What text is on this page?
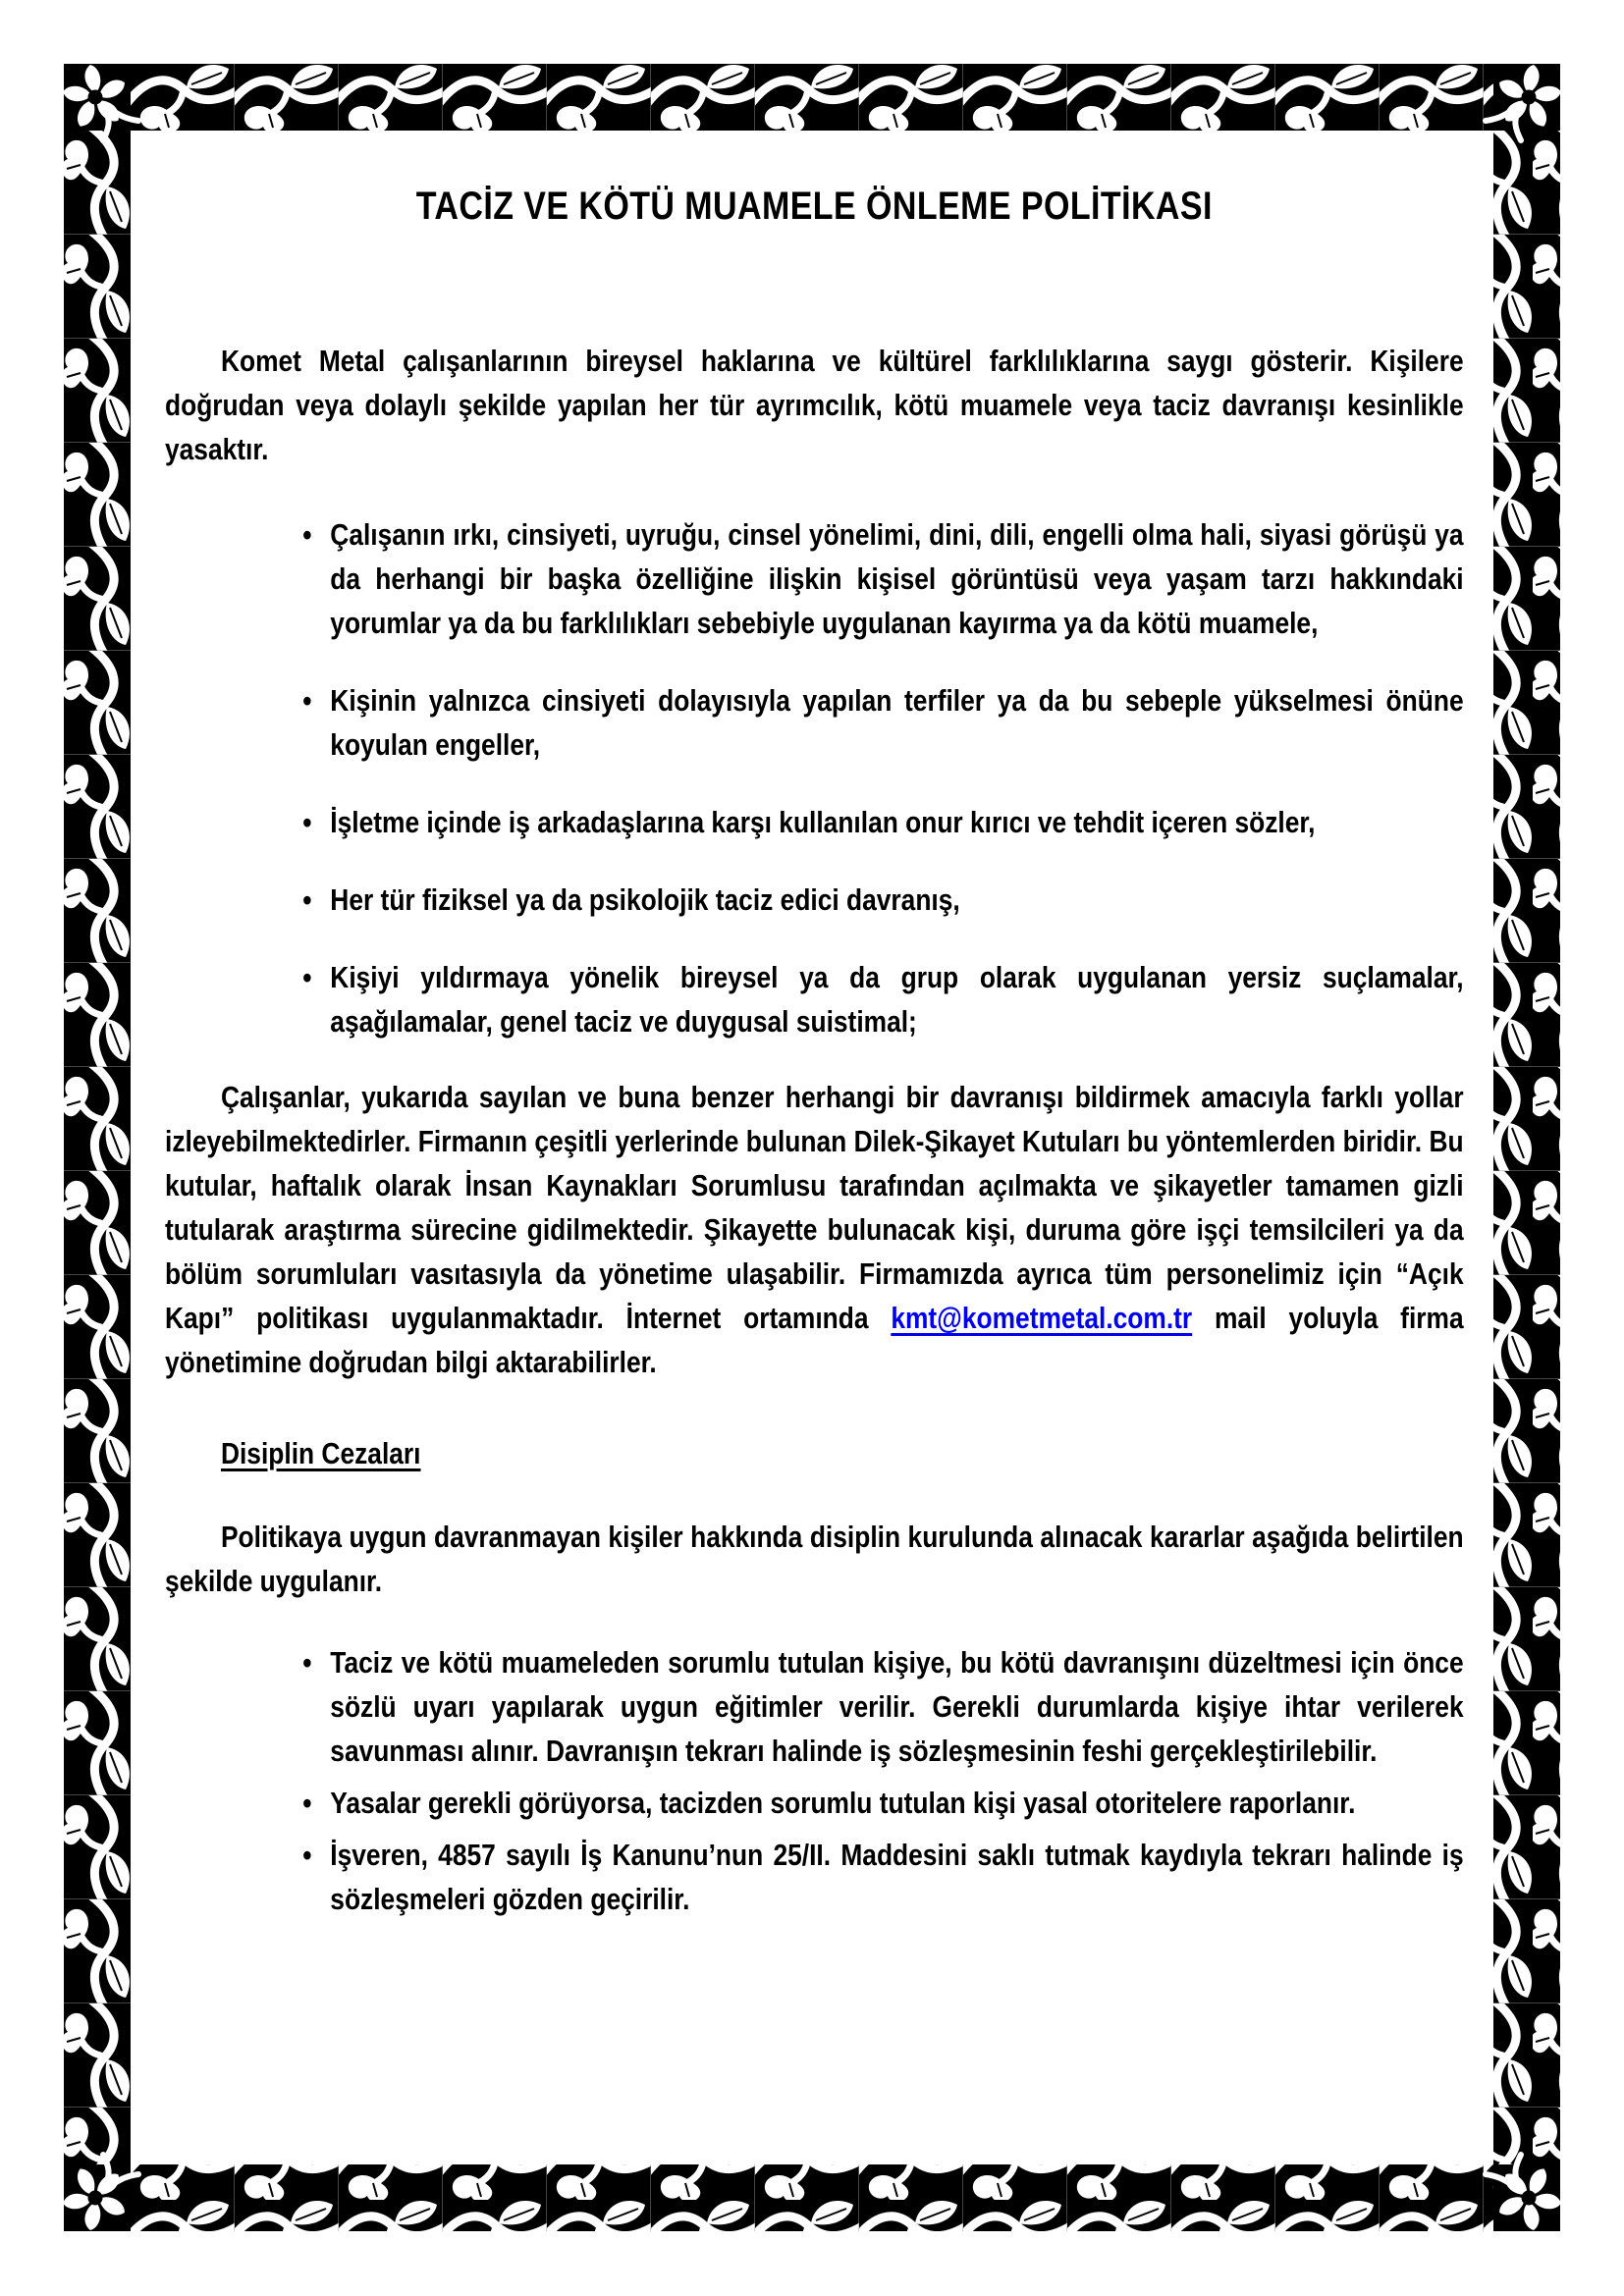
TACİZ VE KÖTÜ MUAMELE ÖNLEME POLİTİKASI

Komet Metal çalışanlarının bireysel haklarına ve kültürel farklılıklarına saygı gösterir. Kişilere doğrudan veya dolaylı şekilde yapılan her tür ayrımcılık, kötü muamele veya taciz davranışı kesinlikle yasaktır.

• Çalışanın ırkı, cinsiyeti, uyruğu, cinsel yönelimi, dini, dili, engelli olma hali, siyasi görüşü ya da herhangi bir başka özelliğine ilişkin kişisel görüntüsü veya yaşam tarzı hakkındaki yorumlar ya da bu farklılıkları sebebiyle uygulanan kayırma ya da kötü muamele,
• Kişinin yalnızca cinsiyeti dolayısıyla yapılan terfiler ya da bu sebeple yükselmesi önüne koyulan engeller,
• İşletme içinde iş arkadaşlarına karşı kullanılan onur kırıcı ve tehdit içeren sözler,
• Her tür fiziksel ya da psikolojik taciz edici davranış,
• Kişiyi yıldırmaya yönelik bireysel ya da grup olarak uygulanan yersiz suçlamalar, aşağılamalar, genel taciz ve duygusal suistimal;

Çalışanlar, yukarıda sayılan ve buna benzer herhangi bir davranışı bildirmek amacıyla farklı yollar izleyebilmektedirler. Firmanın çeşitli yerlerinde bulunan Dilek-Şikayet Kutuları bu yöntemlerden biridir. Bu kutular, haftalık olarak İnsan Kaynakları Sorumlusu tarafından açılmakta ve şikayetler tamamen gizli tutularak araştırma sürecine gidilmektedir. Şikayette bulunacak kişi, duruma göre işçi temsilcileri ya da bölüm sorumluları vasıtasıyla da yönetime ulaşabilir. Firmamızda ayrıca tüm personelimiz için “Açık Kapı” politikası uygulanmaktadır. İnternet ortamında kmt@kometmetal.com.tr mail yoluyla firma yönetimine doğrudan bilgi aktarabilirler.

Disiplin Cezaları

Politikaya uygun davranmayan kişiler hakkında disiplin kurulunda alınacak kararlar aşağıda belirtilen şekilde uygulanır.

• Taciz ve kötü muameleden sorumlu tutulan kişiye, bu kötü davranışını düzeltmesi için önce sözlü uyarı yapılarak uygun eğitimler verilir. Gerekli durumlarda kişiye ihtar verilerek savunması alınır. Davranışın tekrarı halinde iş sözleşmesinin feshi gerçekleştirilebilir.
• Yasalar gerekli görüyorsa, tacizden sorumlu tutulan kişi yasal otoritelere raporlanır.
• İşveren, 4857 sayılı İş Kanunu’nun 25/II. Maddesini saklı tutmak kaydıyla tekrarı halinde iş sözleşmeleri gözden geçirilir.
